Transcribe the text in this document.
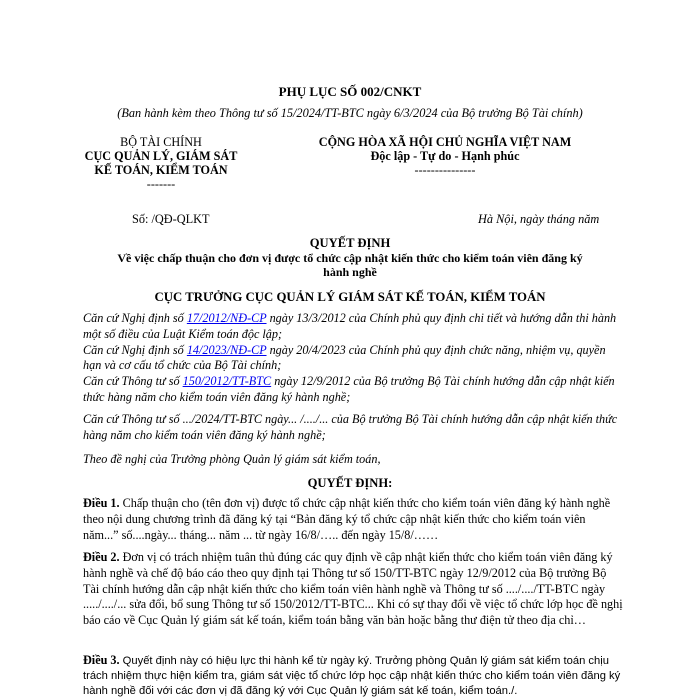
PHỤ LỤC SỐ 002/CNKT
(Ban hành kèm theo Thông tư số 15/2024/TT-BTC ngày 6/3/2024 của Bộ trưởng Bộ Tài chính)
BỘ TÀI CHÍNH
CỤC QUẢN LÝ, GIÁM SÁT
KẾ TOÁN, KIỂM TOÁN
-------
CỘNG HÒA XÃ HỘI CHỦ NGHĨA VIỆT NAM
Độc lập - Tự do - Hạnh phúc
---------------
Số: /QĐ-QLKT	Hà Nội, ngày tháng năm
QUYẾT ĐỊNH
Về việc chấp thuận cho đơn vị được tổ chức cập nhật kiến thức cho kiểm toán viên đăng ký
hành nghề
CỤC TRƯỞNG CỤC QUẢN LÝ GIÁM SÁT KẾ TOÁN, KIỂM TOÁN
Căn cứ Nghị định số 17/2012/NĐ-CP ngày 13/3/2012 của Chính phủ quy định chi tiết và hướng dẫn thi hành một số điều của Luật Kiểm toán độc lập;
Căn cứ Nghị định số 14/2023/NĐ-CP ngày 20/4/2023 của Chính phủ quy định chức năng, nhiệm vụ, quyền hạn và cơ cấu tổ chức của Bộ Tài chính;
Căn cứ Thông tư số 150/2012/TT-BTC ngày 12/9/2012 của Bộ trưởng Bộ Tài chính hướng dẫn cập nhật kiến thức hàng năm cho kiểm toán viên đăng ký hành nghề;
Căn cứ Thông tư số .../2024/TT-BTC ngày... /..../... của Bộ trưởng Bộ Tài chính hướng dẫn cập nhật kiến thức hàng năm cho kiểm toán viên đăng ký hành nghề;
Theo đề nghị của Trưởng phòng Quản lý giám sát kiểm toán,
QUYẾT ĐỊNH:
Điều 1. Chấp thuận cho (tên đơn vị) được tổ chức cập nhật kiến thức cho kiểm toán viên đăng ký hành nghề theo nội dung chương trình đã đăng ký tại “Bản đăng ký tổ chức cập nhật kiến thức cho kiểm toán viên năm...” số....ngày... tháng... năm ... từ ngày 16/8/….. đến ngày 15/8/……
Điều 2. Đơn vị có trách nhiệm tuân thủ đúng các quy định về cập nhật kiến thức cho kiểm toán viên đăng ký hành nghề và chế độ báo cáo theo quy định tại Thông tư số 150/TT-BTC ngày 12/9/2012 của Bộ trưởng Bộ Tài chính hướng dẫn cập nhật kiến thức cho kiểm toán viên hành nghề và Thông tư số ..../..../TT-BTC ngày ...../..../... sửa đổi, bổ sung Thông tư số 150/2012/TT-BTC... Khi có sự thay đổi về việc tổ chức lớp học đề nghị báo cáo về Cục Quản lý giám sát kế toán, kiểm toán bằng văn bản hoặc bằng thư điện tử theo địa chỉ…
Điều 3. Quyết định này có hiệu lực thi hành kể từ ngày ký. Trưởng phòng Quản lý giám sát kiểm toán chịu trách nhiệm thực hiện kiểm tra, giám sát việc tổ chức lớp học cập nhật kiến thức cho kiểm toán viên đăng ký hành nghề đối với các đơn vị đã đăng ký với Cục Quản lý giám sát kế toán, kiểm toán./.
